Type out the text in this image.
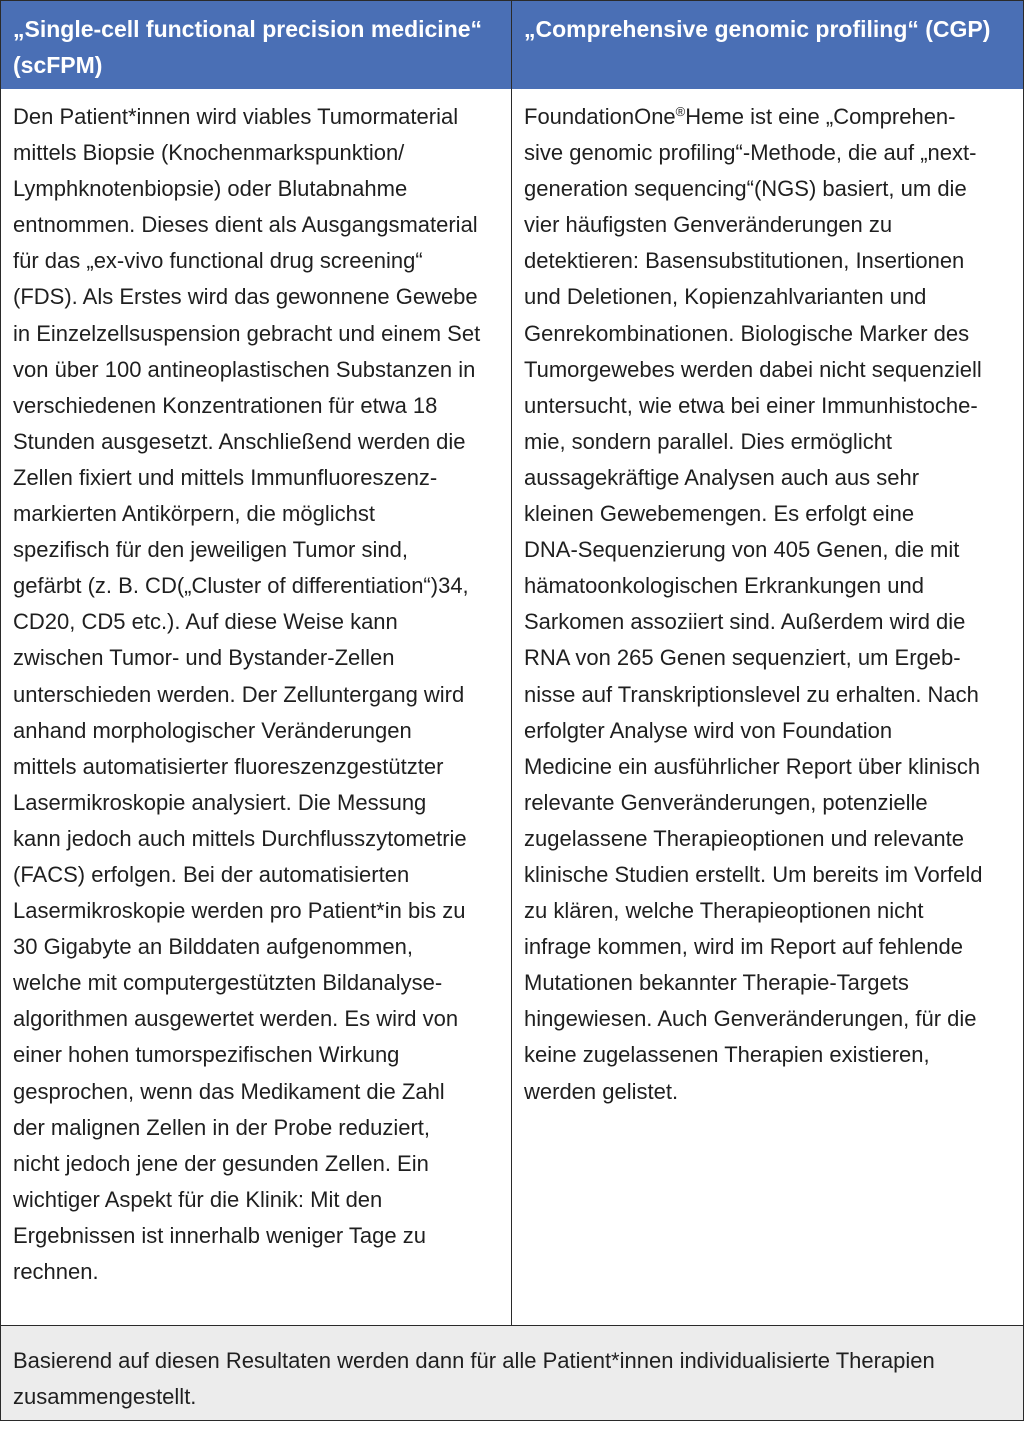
„Single-cell functional precision medicine“
(scFPM)
„Comprehensive genomic profiling“ (CGP)
Den Patient*innen wird viables Tumormaterial
mittels Biopsie (Knochenmarkspunktion/
Lymphknotenbiopsie) oder Blutabnahme
entnommen. Dieses dient als Ausgangsmaterial
für das „ex-vivo functional drug screening“
(FDS). Als Erstes wird das gewonnene Gewebe
in Einzelzellsuspension gebracht und einem Set
von über 100 antineoplastischen Substanzen in
verschiedenen Konzentrationen für etwa 18
Stunden ausgesetzt. Anschließend werden die
Zellen fixiert und mittels Immunfluoreszenz-
markierten Antikörpern, die möglichst
spezifisch für den jeweiligen Tumor sind,
gefärbt (z. B. CD(„Cluster of differentiation“)34,
CD20, CD5 etc.). Auf diese Weise kann
zwischen Tumor- und Bystander-Zellen
unterschieden werden. Der Zelluntergang wird
anhand morphologischer Veränderungen
mittels automatisierter fluoreszenzgestützter
Lasermikroskopie analysiert. Die Messung
kann jedoch auch mittels Durchflusszytometrie
(FACS) erfolgen. Bei der automatisierten
Lasermikroskopie werden pro Patient*in bis zu
30 Gigabyte an Bilddaten aufgenommen,
welche mit computergestützten Bildanalyse-
algorithmen ausgewertet werden. Es wird von
einer hohen tumorspezifischen Wirkung
gesprochen, wenn das Medikament die Zahl
der malignen Zellen in der Probe reduziert,
nicht jedoch jene der gesunden Zellen. Ein
wichtiger Aspekt für die Klinik: Mit den
Ergebnissen ist innerhalb weniger Tage zu
rechnen.
FoundationOne®Heme ist eine „Comprehen-
sive genomic profiling“-Methode, die auf „next-
generation sequencing“(NGS) basiert, um die
vier häufigsten Genveränderungen zu
detektieren: Basensubstitutionen, Insertionen
und Deletionen, Kopienzahlvarianten und
Genrekombinationen. Biologische Marker des
Tumorgewebes werden dabei nicht sequenziell
untersucht, wie etwa bei einer Immunhistoche-
mie, sondern parallel. Dies ermöglicht
aussagekräftige Analysen auch aus sehr
kleinen Gewebemengen. Es erfolgt eine
DNA-Sequenzierung von 405 Genen, die mit
hämatoonkologischen Erkrankungen und
Sarkomen assoziiert sind. Außerdem wird die
RNA von 265 Genen sequenziert, um Ergeb-
nisse auf Transkriptionslevel zu erhalten. Nach
erfolgter Analyse wird von Foundation
Medicine ein ausführlicher Report über klinisch
relevante Genveränderungen, potenzielle
zugelassene Therapieoptionen und relevante
klinische Studien erstellt. Um bereits im Vorfeld
zu klären, welche Therapieoptionen nicht
infrage kommen, wird im Report auf fehlende
Mutationen bekannter Therapie-Targets
hingewiesen. Auch Genveränderungen, für die
keine zugelassenen Therapien existieren,
werden gelistet.
Basierend auf diesen Resultaten werden dann für alle Patient*innen individualisierte Therapien
zusammengestellt.
